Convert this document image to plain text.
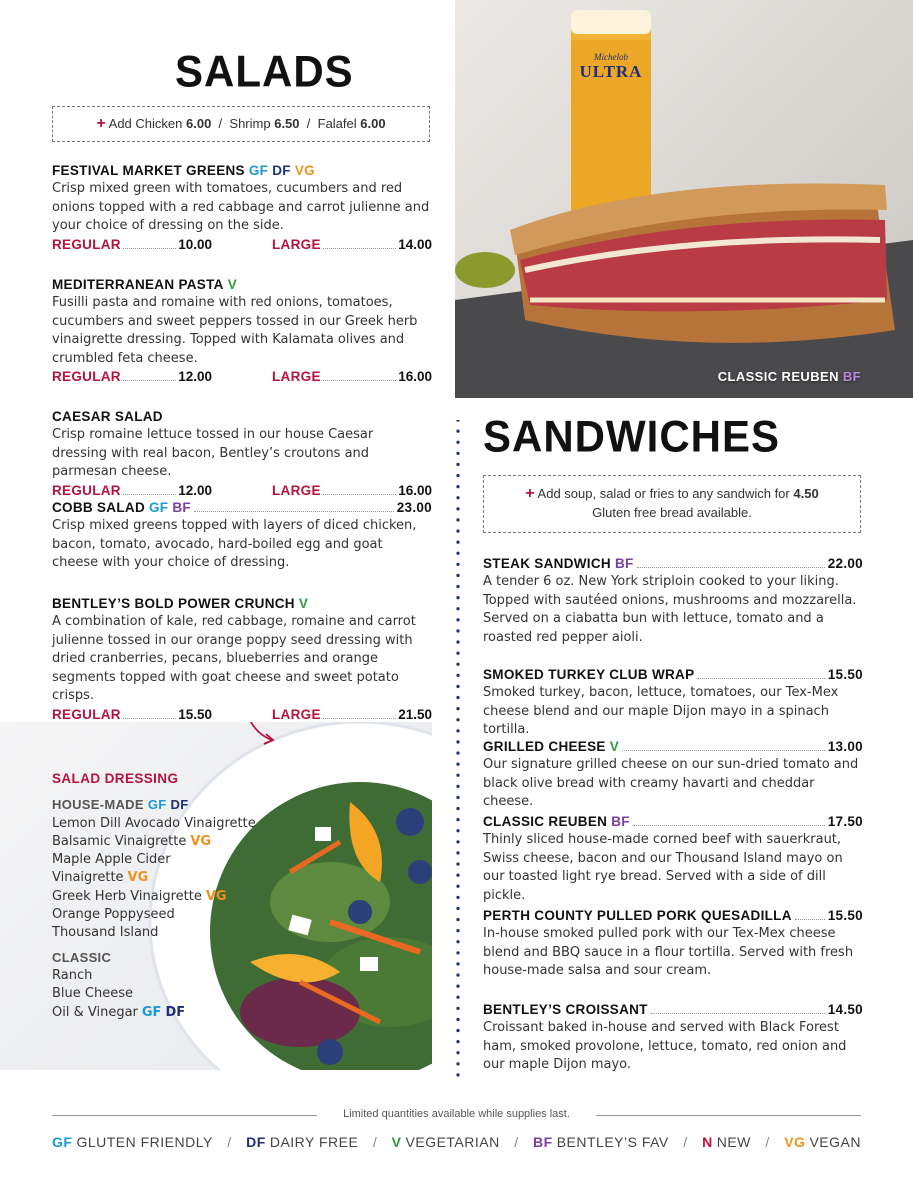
SALADS
+ Add Chicken 6.00 / Shrimp 6.50 / Falafel 6.00
FESTIVAL MARKET GREENS GF DF VG
Crisp mixed green with tomatoes, cucumbers and red onions topped with a red cabbage and carrot julienne and your choice of dressing on the side.
REGULAR	10.00	LARGE	14.00
MEDITERRANEAN PASTA V
Fusilli pasta and romaine with red onions, tomatoes, cucumbers and sweet peppers tossed in our Greek herb vinaigrette dressing. Topped with Kalamata olives and crumbled feta cheese.
REGULAR	12.00	LARGE	16.00
CAESAR SALAD
Crisp romaine lettuce tossed in our house Caesar dressing with real bacon, Bentley’s croutons and parmesan cheese.
REGULAR	12.00	LARGE	16.00
COBB SALAD GF BF	23.00
Crisp mixed greens topped with layers of diced chicken, bacon, tomato, avocado, hard-boiled egg and goat cheese with your choice of dressing.
BENTLEY’S BOLD POWER CRUNCH V
A combination of kale, red cabbage, romaine and carrot julienne tossed in our orange poppy seed dressing with dried cranberries, pecans, blueberries and orange segments topped with goat cheese and sweet potato crisps.
REGULAR	15.50	LARGE	21.50
SALAD DRESSING
HOUSE-MADE GF DF
Lemon Dill Avocado Vinaigrette
Balsamic Vinaigrette VG
Maple Apple Cider Vinaigrette VG
Greek Herb Vinaigrette VG
Orange Poppyseed
Thousand Island
CLASSIC
Ranch
Blue Cheese
Oil & Vinegar GF DF
Michelob
ULTRA
CLASSIC REUBEN BF
SANDWICHES
+ Add soup, salad or fries to any sandwich for 4.50
Gluten free bread available.
STEAK SANDWICH BF	22.00
A tender 6 oz. New York striploin cooked to your liking. Topped with sautéed onions, mushrooms and mozzarella. Served on a ciabatta bun with lettuce, tomato and a roasted red pepper aioli.
SMOKED TURKEY CLUB WRAP	15.50
Smoked turkey, bacon, lettuce, tomatoes, our Tex-Mex cheese blend and our maple Dijon mayo in a spinach tortilla.
GRILLED CHEESE V	13.00
Our signature grilled cheese on our sun-dried tomato and black olive bread with creamy havarti and cheddar cheese.
CLASSIC REUBEN BF	17.50
Thinly sliced house-made corned beef with sauerkraut, Swiss cheese, bacon and our Thousand Island mayo on our toasted light rye bread. Served with a side of dill pickle.
PERTH COUNTY PULLED PORK QUESADILLA	15.50
In-house smoked pulled pork with our Tex-Mex cheese blend and BBQ sauce in a flour tortilla. Served with fresh house-made salsa and sour cream.
BENTLEY’S CROISSANT	14.50
Croissant baked in-house and served with Black Forest ham, smoked provolone, lettuce, tomato, red onion and our maple Dijon mayo.
Limited quantities available while supplies last.
GF GLUTEN FRIENDLY / DF DAIRY FREE / V VEGETARIAN / BF BENTLEY’S FAV / N NEW / VG VEGAN
